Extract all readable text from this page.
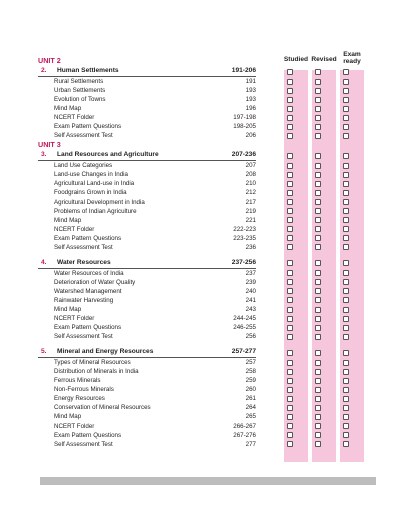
Studied Revised
Exam
ready
UNIT 2
2.	Human Settlements	191-206
Rural Settlements	191
Urban Settlements	193
Evolution of Towns	193
Mind Map	196
NCERT Folder	197-198
Exam Pattern Questions	198-205
Self Assessment Test	206
UNIT 3
3.	Land Resources and Agriculture	207-236
Land Use Categories	207
Land-use Changes in India	208
Agricultural Land-use in India	210
Foodgrains Grown in India	212
Agricultural Development in India	217
Problems of Indian Agriculture	219
Mind Map	221
NCERT Folder	222-223
Exam Pattern Questions	223-235
Self Assessment Test	236
4.	Water Resources	237-256
Water Resources of India	237
Deterioration of Water Quality	239
Watershed Management	240
Rainwater Harvesting	241
Mind Map	243
NCERT Folder	244-245
Exam Pattern Questions	246-255
Self Assessment Test	256
5.	Mineral and Energy Resources	257-277
Types of Mineral Resources	257
Distribution of Minerals in India	258
Ferrous Minerals	259
Non-Ferrous Minerals	260
Energy Resources	261
Conservation of Mineral Resources	264
Mind Map	265
NCERT Folder	266-267
Exam Pattern Questions	267-276
Self Assessment Test	277
